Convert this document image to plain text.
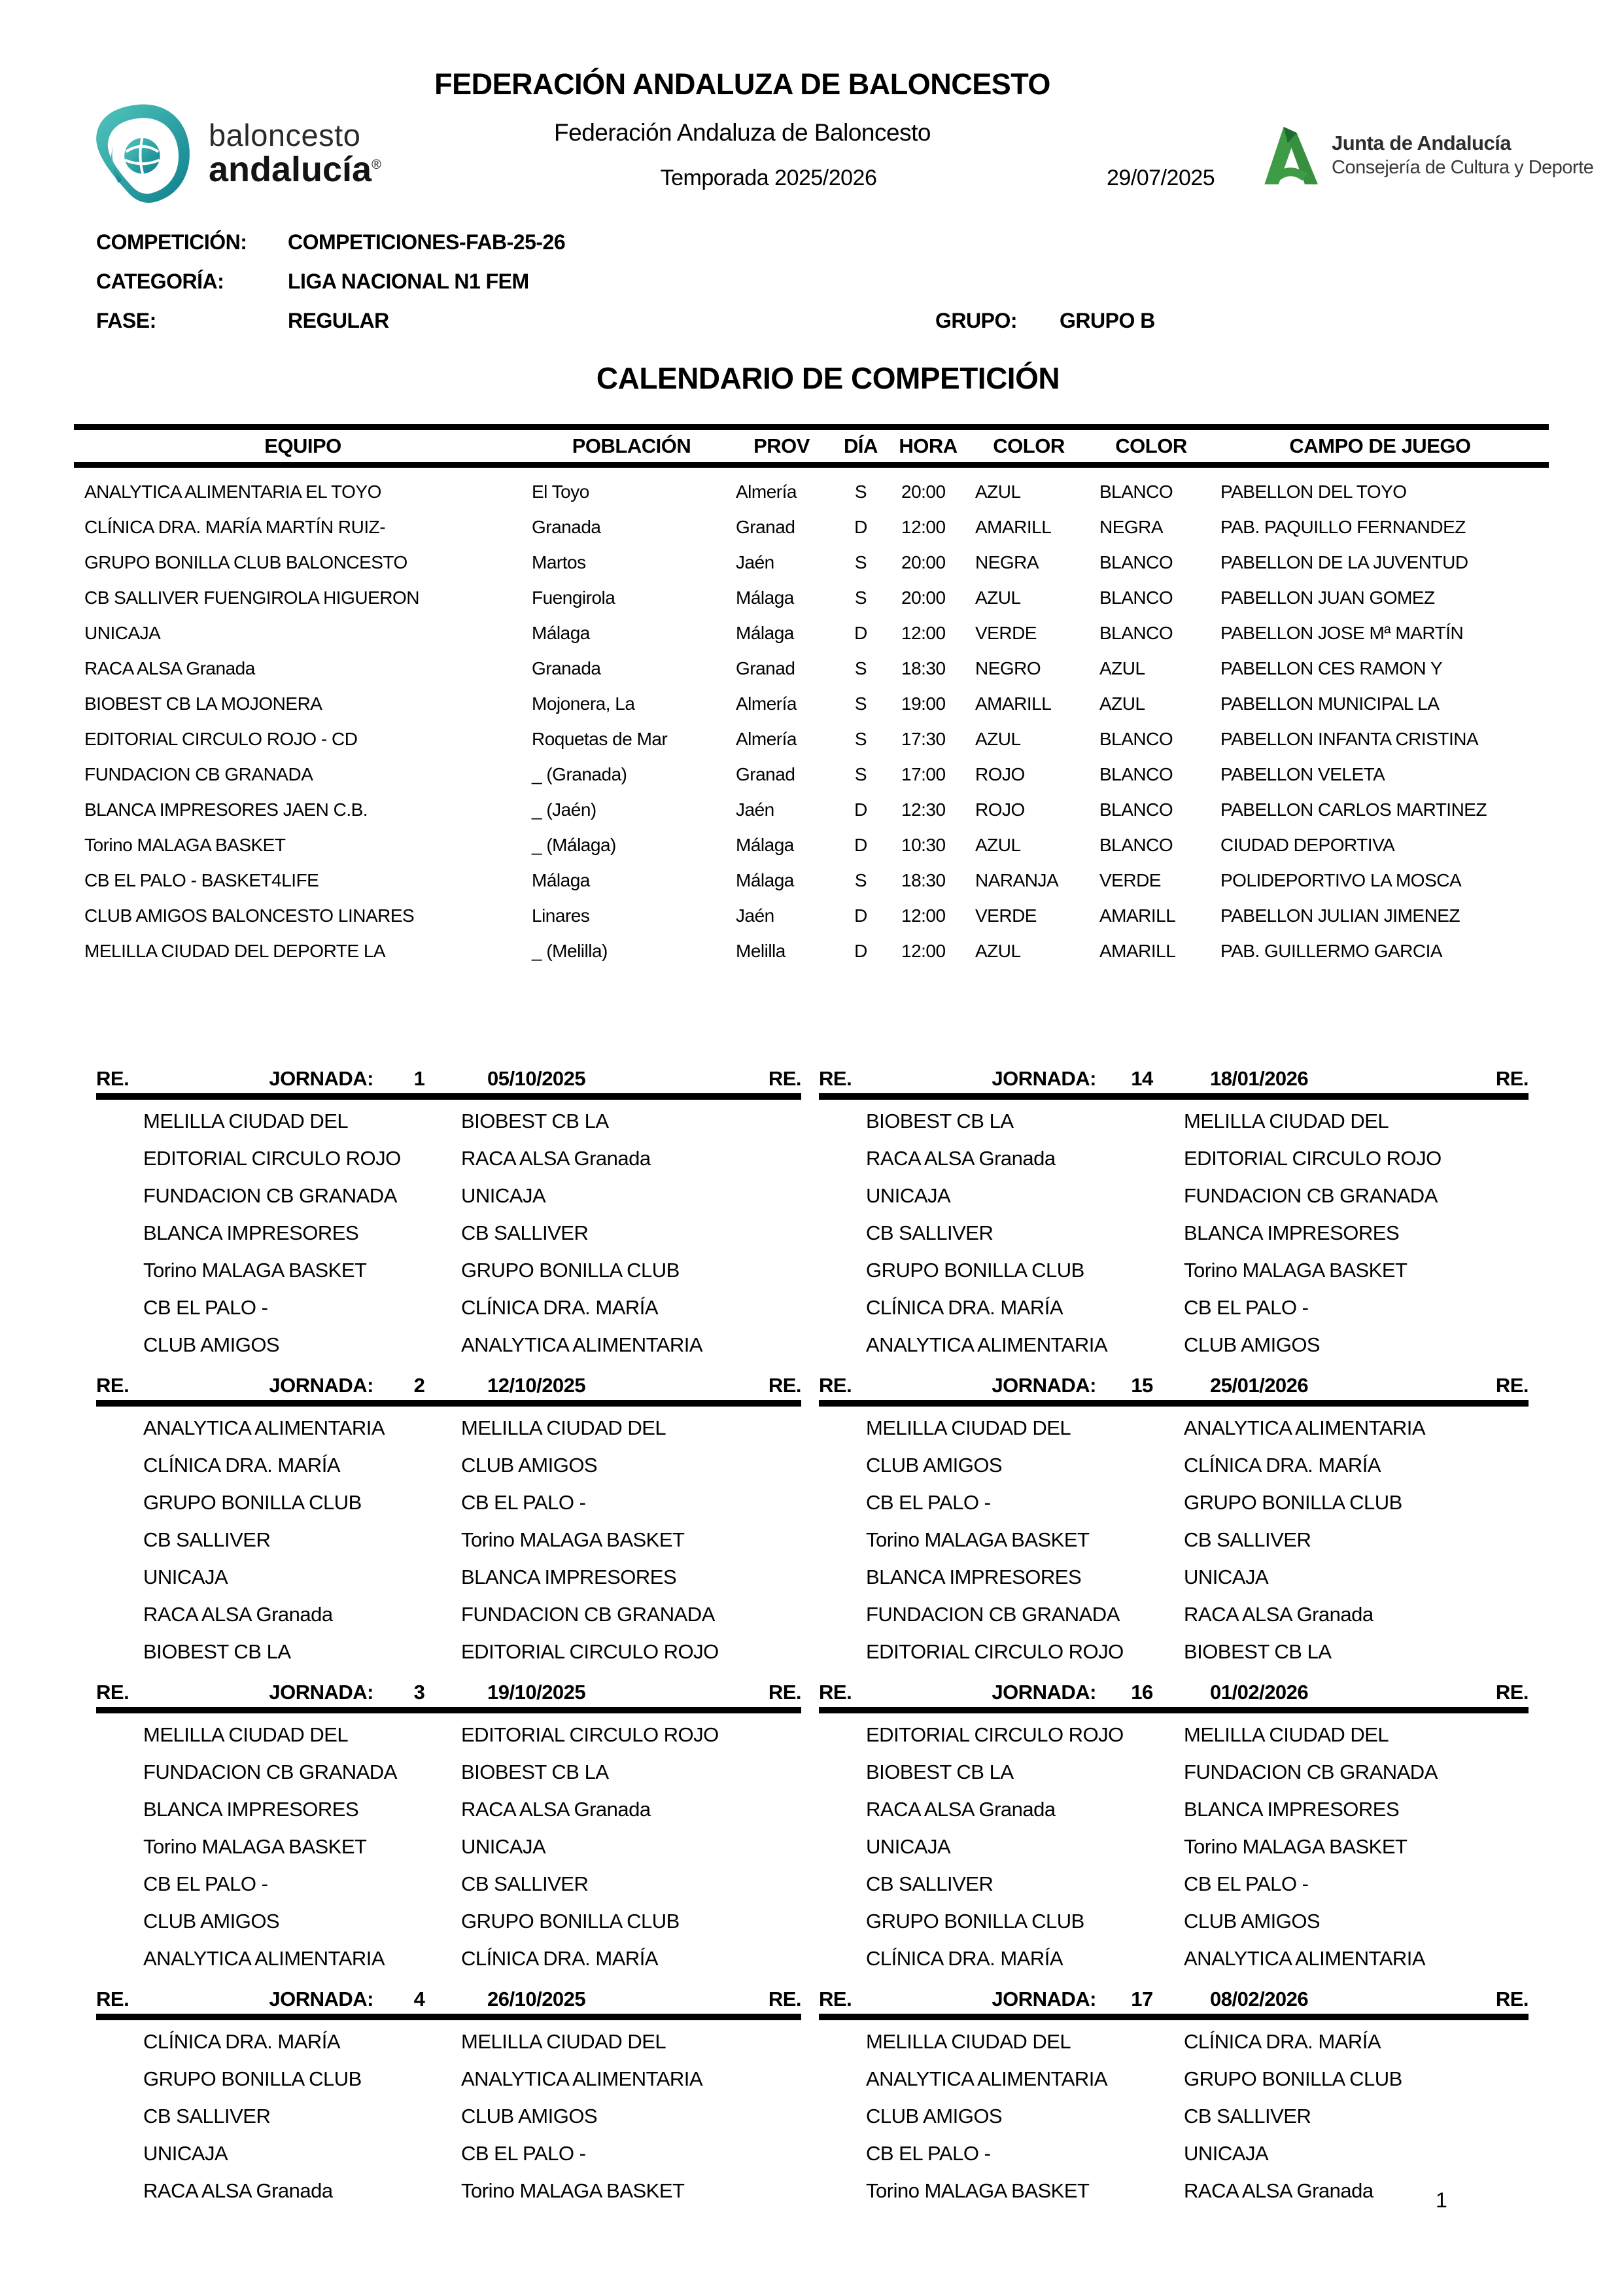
baloncesto
andalucía®
FEDERACIÓN ANDALUZA DE BALONCESTO
Federación Andaluza de Baloncesto
Temporada 2025/2026	29/07/2025
Junta de Andalucía
Consejería de Cultura y Deporte
COMPETICIÓN: COMPETICIONES-FAB-25-26
CATEGORÍA:	LIGA NACIONAL N1 FEM
FASE:	REGULAR	GRUPO: GRUPO B
CALENDARIO DE COMPETICIÓN
EQUIPO	POBLACIÓN	PROV	DÍA	HORA	COLOR	COLOR	CAMPO DE JUEGO
ANALYTICA ALIMENTARIA EL TOYO	El Toyo	Almería	S	20:00	AZUL	BLANCO	PABELLON DEL TOYO
CLÍNICA DRA. MARÍA MARTÍN RUIZ-	Granada	Granad	D	12:00	AMARILL	NEGRA	PAB. PAQUILLO FERNANDEZ
GRUPO BONILLA CLUB BALONCESTO	Martos	Jaén	S	20:00	NEGRA	BLANCO	PABELLON DE LA JUVENTUD
CB SALLIVER FUENGIROLA HIGUERON	Fuengirola	Málaga	S	20:00	AZUL	BLANCO	PABELLON JUAN GOMEZ
UNICAJA	Málaga	Málaga	D	12:00	VERDE	BLANCO	PABELLON JOSE Mª MARTÍN
RACA ALSA Granada	Granada	Granad	S	18:30	NEGRO	AZUL	PABELLON CES RAMON Y
BIOBEST CB LA MOJONERA	Mojonera, La	Almería	S	19:00	AMARILL	AZUL	PABELLON MUNICIPAL LA
EDITORIAL CIRCULO ROJO - CD	Roquetas de Mar	Almería	S	17:30	AZUL	BLANCO	PABELLON INFANTA CRISTINA
FUNDACION CB GRANADA	_ (Granada)	Granad	S	17:00	ROJO	BLANCO	PABELLON VELETA
BLANCA IMPRESORES JAEN C.B.	_ (Jaén)	Jaén	D	12:30	ROJO	BLANCO	PABELLON CARLOS MARTINEZ
Torino MALAGA BASKET	_ (Málaga)	Málaga	D	10:30	AZUL	BLANCO	CIUDAD DEPORTIVA
CB EL PALO - BASKET4LIFE	Málaga	Málaga	S	18:30	NARANJA	VERDE	POLIDEPORTIVO LA MOSCA
CLUB AMIGOS BALONCESTO LINARES	Linares	Jaén	D	12:00	VERDE	AMARILL	PABELLON JULIAN JIMENEZ
MELILLA CIUDAD DEL DEPORTE LA	_ (Melilla)	Melilla	D	12:00	AZUL	AMARILL	PAB. GUILLERMO GARCIA
RE.	JORNADA:	1	05/10/2025	RE.
MELILLA CIUDAD DEL	BIOBEST CB LA
EDITORIAL CIRCULO ROJO	RACA ALSA Granada
FUNDACION CB GRANADA	UNICAJA
BLANCA IMPRESORES	CB SALLIVER
Torino MALAGA BASKET	GRUPO BONILLA CLUB
CB EL PALO -	CLÍNICA DRA. MARÍA
CLUB AMIGOS	ANALYTICA ALIMENTARIA
RE.	JORNADA:	14	18/01/2026	RE.
BIOBEST CB LA	MELILLA CIUDAD DEL
RACA ALSA Granada	EDITORIAL CIRCULO ROJO
UNICAJA	FUNDACION CB GRANADA
CB SALLIVER	BLANCA IMPRESORES
GRUPO BONILLA CLUB	Torino MALAGA BASKET
CLÍNICA DRA. MARÍA	CB EL PALO -
ANALYTICA ALIMENTARIA	CLUB AMIGOS
RE.	JORNADA:	2	12/10/2025	RE.
ANALYTICA ALIMENTARIA	MELILLA CIUDAD DEL
CLÍNICA DRA. MARÍA	CLUB AMIGOS
GRUPO BONILLA CLUB	CB EL PALO -
CB SALLIVER	Torino MALAGA BASKET
UNICAJA	BLANCA IMPRESORES
RACA ALSA Granada	FUNDACION CB GRANADA
BIOBEST CB LA	EDITORIAL CIRCULO ROJO
RE.	JORNADA:	15	25/01/2026	RE.
MELILLA CIUDAD DEL	ANALYTICA ALIMENTARIA
CLUB AMIGOS	CLÍNICA DRA. MARÍA
CB EL PALO -	GRUPO BONILLA CLUB
Torino MALAGA BASKET	CB SALLIVER
BLANCA IMPRESORES	UNICAJA
FUNDACION CB GRANADA	RACA ALSA Granada
EDITORIAL CIRCULO ROJO	BIOBEST CB LA
RE.	JORNADA:	3	19/10/2025	RE.
MELILLA CIUDAD DEL	EDITORIAL CIRCULO ROJO
FUNDACION CB GRANADA	BIOBEST CB LA
BLANCA IMPRESORES	RACA ALSA Granada
Torino MALAGA BASKET	UNICAJA
CB EL PALO -	CB SALLIVER
CLUB AMIGOS	GRUPO BONILLA CLUB
ANALYTICA ALIMENTARIA	CLÍNICA DRA. MARÍA
RE.	JORNADA:	16	01/02/2026	RE.
EDITORIAL CIRCULO ROJO	MELILLA CIUDAD DEL
BIOBEST CB LA	FUNDACION CB GRANADA
RACA ALSA Granada	BLANCA IMPRESORES
UNICAJA	Torino MALAGA BASKET
CB SALLIVER	CB EL PALO -
GRUPO BONILLA CLUB	CLUB AMIGOS
CLÍNICA DRA. MARÍA	ANALYTICA ALIMENTARIA
RE.	JORNADA:	4	26/10/2025	RE.
CLÍNICA DRA. MARÍA	MELILLA CIUDAD DEL
GRUPO BONILLA CLUB	ANALYTICA ALIMENTARIA
CB SALLIVER	CLUB AMIGOS
UNICAJA	CB EL PALO -
RACA ALSA Granada	Torino MALAGA BASKET
RE.	JORNADA:	17	08/02/2026	RE.
MELILLA CIUDAD DEL	CLÍNICA DRA. MARÍA
ANALYTICA ALIMENTARIA	GRUPO BONILLA CLUB
CLUB AMIGOS	CB SALLIVER
CB EL PALO -	UNICAJA
Torino MALAGA BASKET	RACA ALSA Granada	1
